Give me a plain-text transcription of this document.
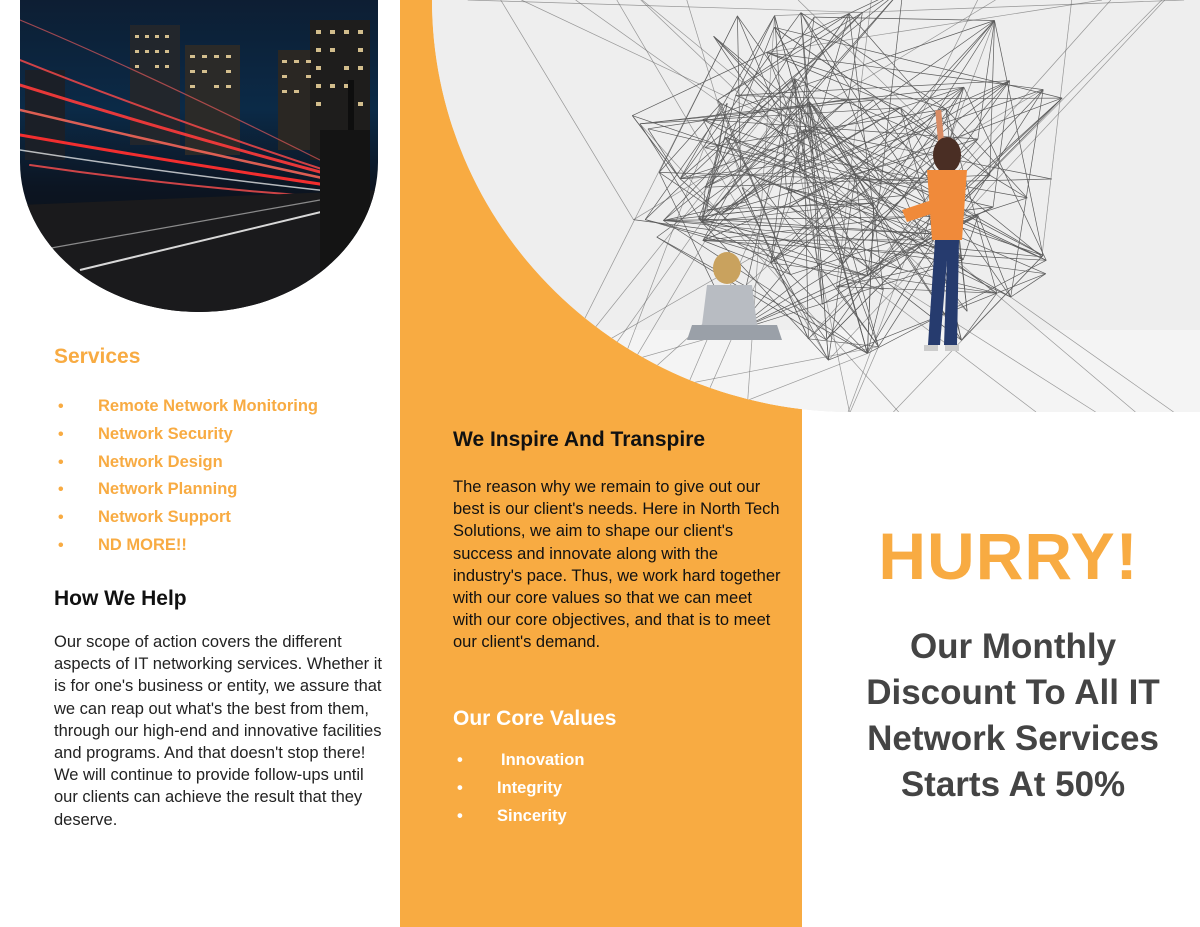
Services
• Remote Network Monitoring
• Network Security
• Network Design
• Network Planning
• Network Support
• ND MORE!!
How We Help

Our scope of action covers the different aspects of IT networking services. Whether it is for one's business or entity, we assure that we can reap out what's the best from them, through our high-end and innovative facilities and programs. And that doesn't stop there! We will continue to provide follow-ups until our clients can achieve the result that they deserve.

We Inspire And Transpire

The reason why we remain to give out our best is our client's needs. Here in North Tech Solutions, we aim to shape our client's success and innovate along with the industry's pace. Thus, we work hard together with our core values so that we can meet with our core objectives, and that is to meet our client's demand.

Our Core Values
• Innovation
• Integrity
• Sincerity
HURRY!

Our Monthly Discount To All IT Network Services Starts At 50%
